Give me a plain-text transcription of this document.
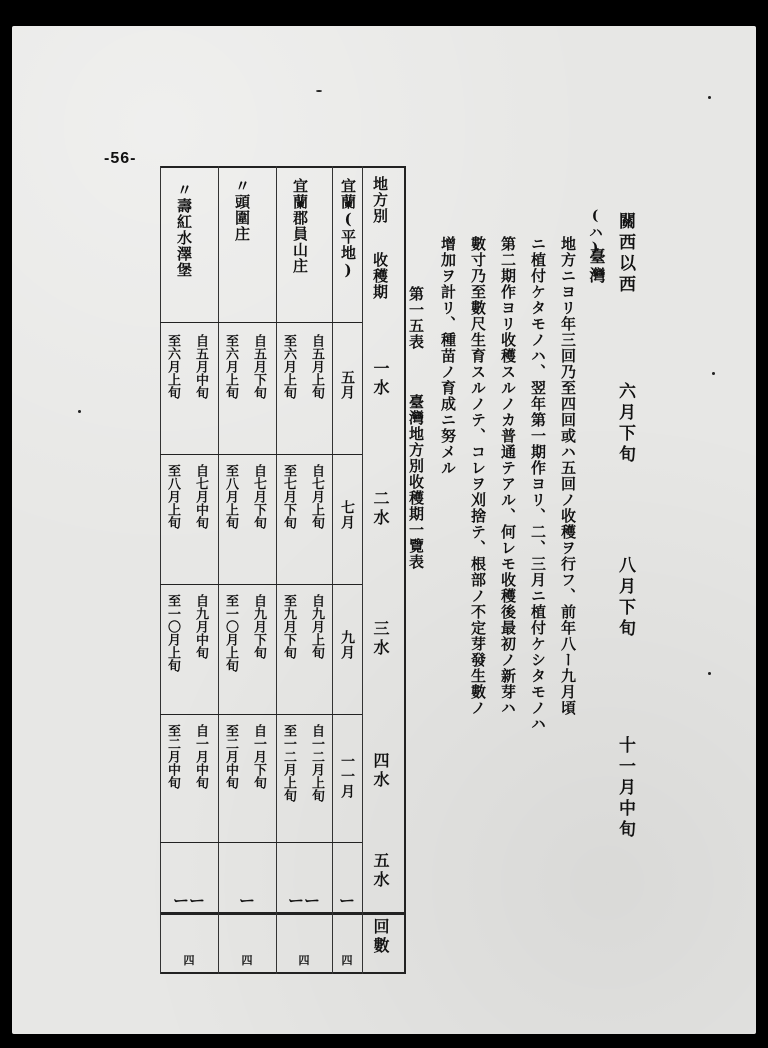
-56-
關西以西
六月下旬
八月下旬
十一月中旬
(ハ)
臺灣
地方ニヨリ年三回乃至四回或ハ五回ノ收穫ヲ行フ、前年八ー九月頃
ニ植付ケタモノハ、翌年第一期作ヨリ、二、三月ニ植付ケシタモノハ
第二期作ヨリ收穫スルノカ普通テアル、何レモ收穫後最初ノ新芽ハ
數寸乃至數尺生育スルノテ、コレヲ刈捨テ、根部ノ不定芽發生數ノ
增加ヲ計リ、種苗ノ育成ニ努メル
第一五表
臺灣地方別收穫期一覽表
地方別
收穫期
一水
二水
三水
四水
五水
回數
宜蘭(平地)
五月
七月
九月
一一月
ー
四
宜蘭郡員山庄
自五月上旬
至六月上旬
自七月上旬
至七月下旬
自九月上旬
至九月下旬
自一二月上旬
至一二月上旬
ーー
四
〃頭圍庄
自五月下旬
至六月上旬
自七月下旬
至八月上旬
自九月下旬
至一〇月上旬
自一月下旬
至二月中旬
ー
四
〃壽紅水澤堡
自五月中旬
至六月上旬
自七月中旬
至八月上旬
自九月中旬
至一〇月上旬
自一月中旬
至二月中旬
ーー
四
